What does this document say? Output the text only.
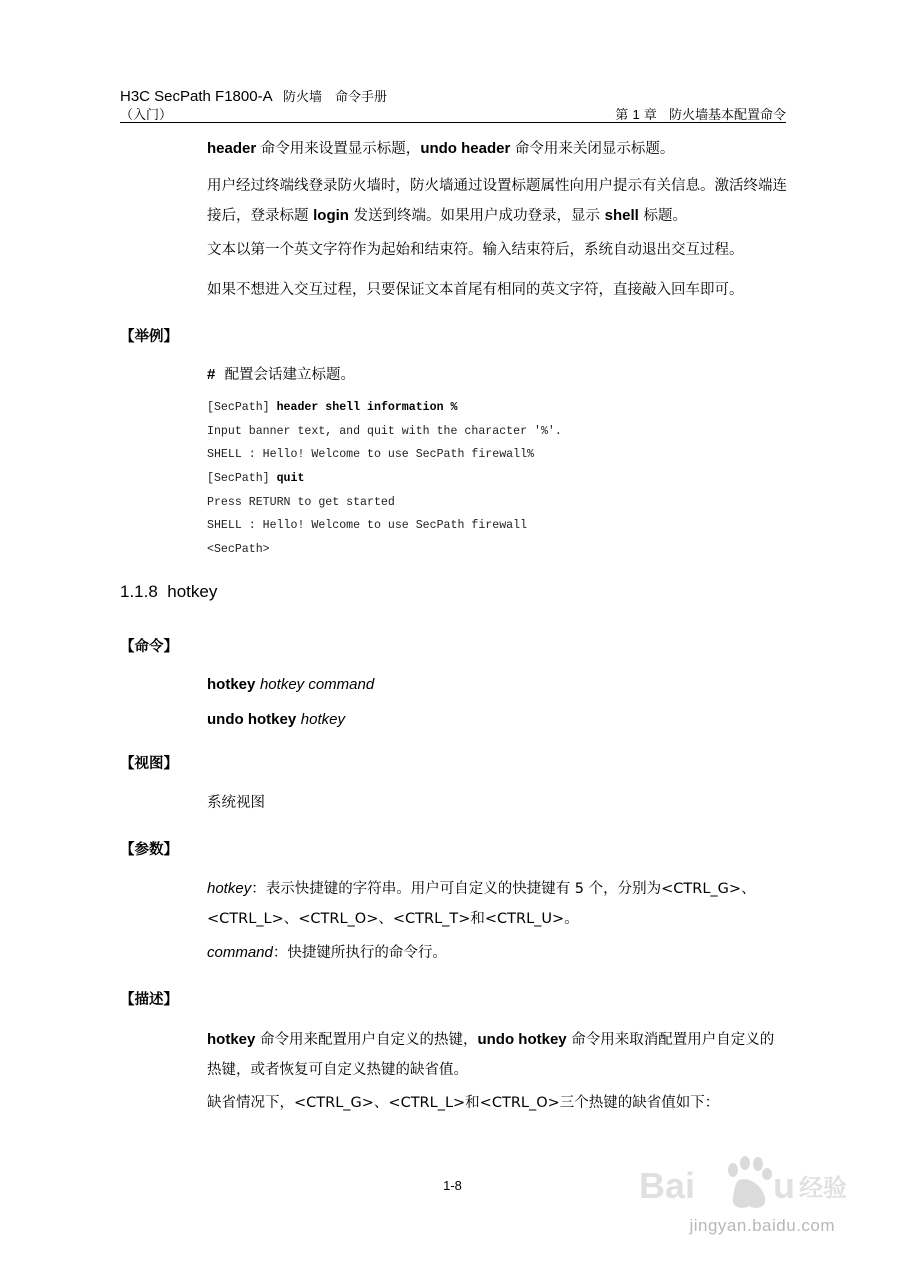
H3C SecPath F1800-A 防火墙　命令手册
（入门）	第 1 章 防火墙基本配置命令
header 命令用来设置显示标题，undo header 命令用来关闭显示标题。
用户经过终端线登录防火墙时，防火墙通过设置标题属性向用户提示有关信息。激活终端连接后，登录标题 login 发送到终端。如果用户成功登录，显示 shell 标题。
文本以第一个英文字符作为起始和结束符。输入结束符后，系统自动退出交互过程。
如果不想进入交互过程，只要保证文本首尾有相同的英文字符，直接敲入回车即可。
【举例】
# 配置会话建立标题。
[SecPath] header shell information %
Input banner text, and quit with the character '%'.
SHELL : Hello! Welcome to use SecPath firewall%
[SecPath] quit
Press RETURN to get started
SHELL : Hello! Welcome to use SecPath firewall
<SecPath>
1.1.8 hotkey
【命令】
hotkey hotkey command
undo hotkey hotkey
【视图】
系统视图
【参数】
hotkey：表示快捷键的字符串。用户可自定义的快捷键有 5 个，分别为<CTRL_G>、<CTRL_L>、<CTRL_O>、<CTRL_T>和<CTRL_U>。
command：快捷键所执行的命令行。
【描述】
hotkey 命令用来配置用户自定义的热键，undo hotkey 命令用来取消配置用户自定义的热键，或者恢复可自定义热键的缺省值。
缺省情况下，<CTRL_G>、<CTRL_L>和<CTRL_O>三个热键的缺省值如下：
1-8	Bai u 经验
jingyan.baidu.com
